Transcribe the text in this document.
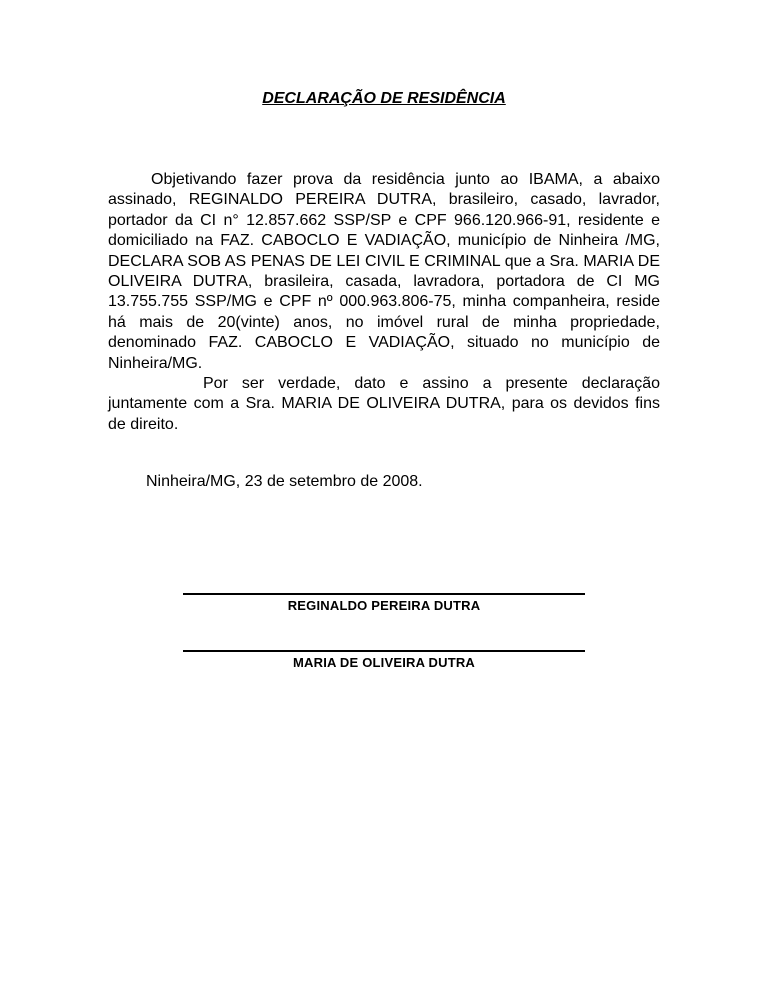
DECLARAÇÃO DE RESIDÊNCIA

Objetivando fazer prova da residência junto ao IBAMA, a abaixo assinado, REGINALDO PEREIRA DUTRA, brasileiro, casado, lavrador, portador da CI n° 12.857.662 SSP/SP e CPF 966.120.966-91, residente e domiciliado na FAZ. CABOCLO E VADIAÇÃO, município de Ninheira /MG, DECLARA SOB AS PENAS DE LEI CIVIL E CRIMINAL que a Sra. MARIA DE OLIVEIRA DUTRA, brasileira, casada, lavradora, portadora de CI MG 13.755.755 SSP/MG e CPF nº 000.963.806-75, minha companheira, reside há mais de 20(vinte) anos, no imóvel rural de minha propriedade, denominado FAZ. CABOCLO E VADIAÇÃO, situado no município de Ninheira/MG.

Por ser verdade, dato e assino a presente declaração juntamente com a Sra. MARIA DE OLIVEIRA DUTRA, para os devidos fins de direito.

Ninheira/MG, 23 de setembro de 2008.
REGINALDO PEREIRA DUTRA
MARIA DE OLIVEIRA DUTRA
